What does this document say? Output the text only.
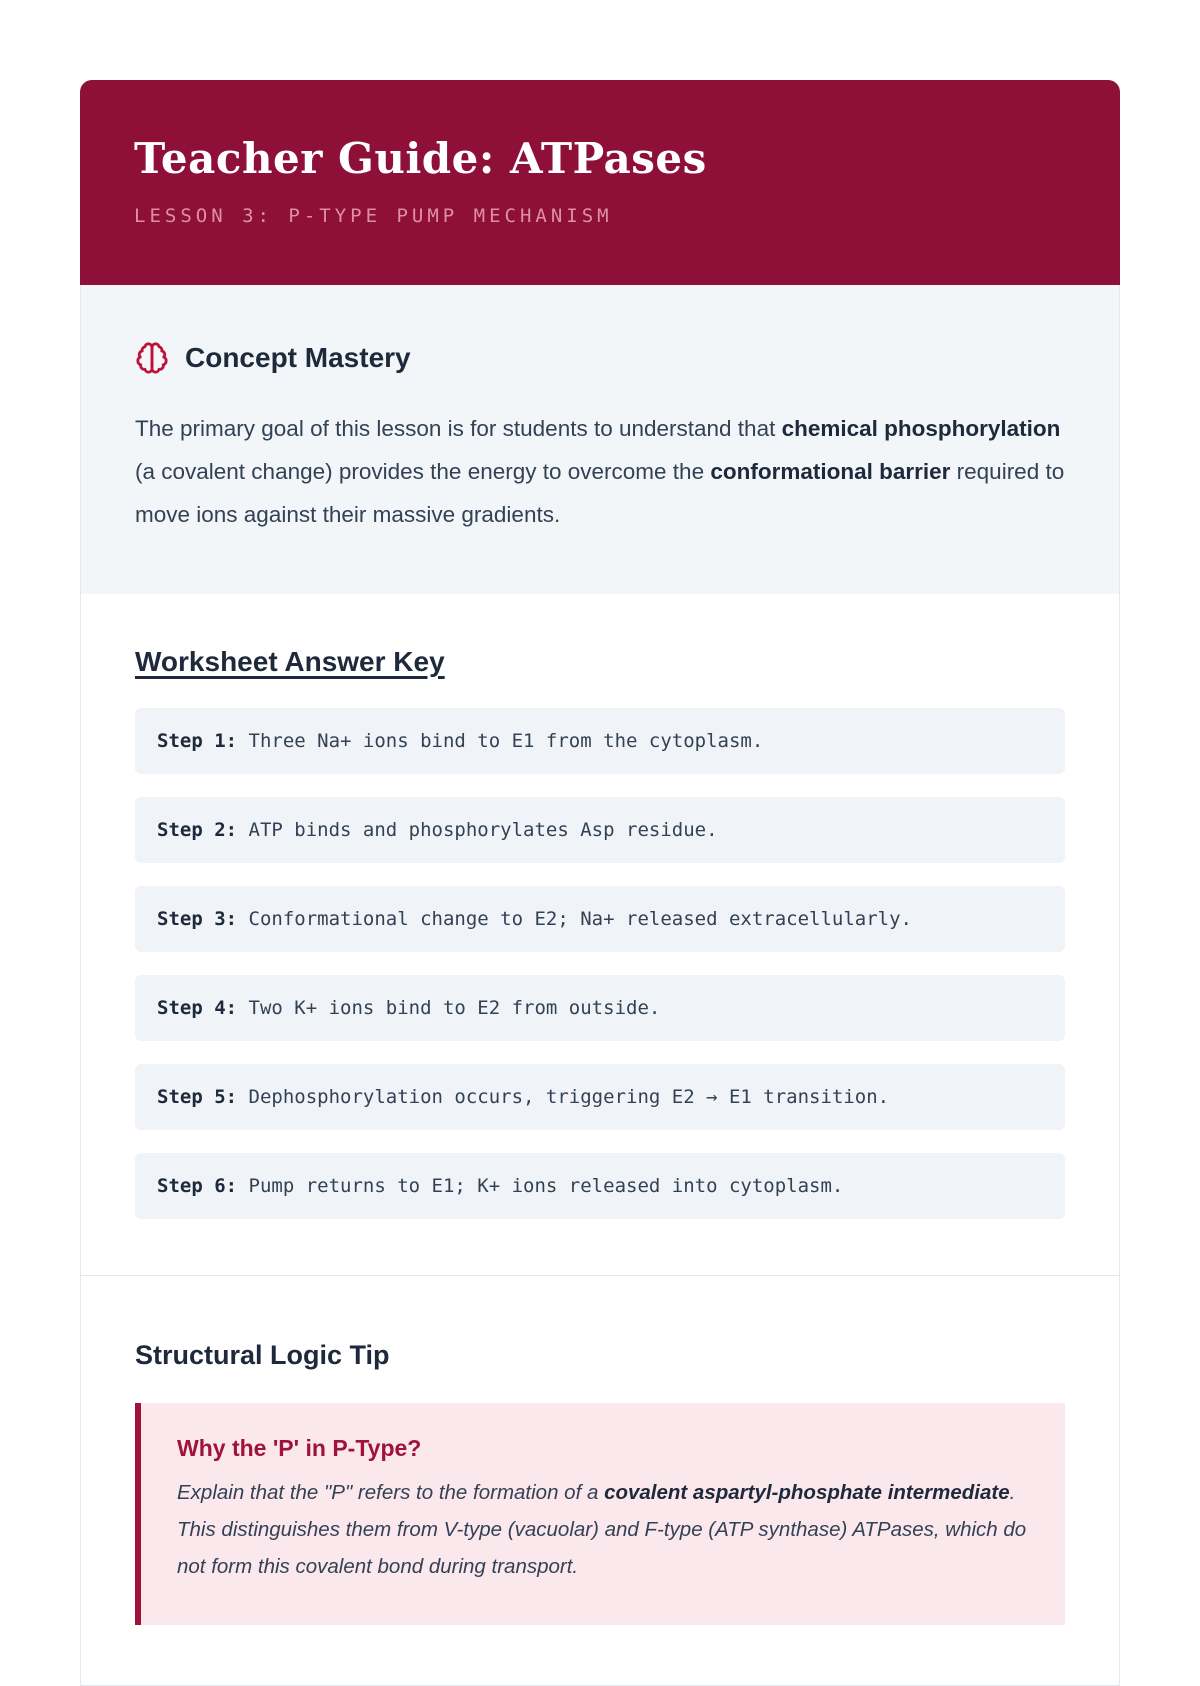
Teacher Guide: ATPases
LESSON 3: P-TYPE PUMP MECHANISM
Concept Mastery

The primary goal of this lesson is for students to understand that chemical phosphorylation (a covalent change) provides the energy to overcome the conformational barrier required to move ions against their massive gradients.

Worksheet Answer Key
Step 1: Three Na+ ions bind to E1 from the cytoplasm.
Step 2: ATP binds and phosphorylates Asp residue.
Step 3: Conformational change to E2; Na+ released extracellularly.
Step 4: Two K+ ions bind to E2 from outside.
Step 5: Dephosphorylation occurs, triggering E2 → E1 transition.
Step 6: Pump returns to E1; K+ ions released into cytoplasm.
Structural Logic Tip
Why the 'P' in P-Type?

Explain that the "P" refers to the formation of a covalent aspartyl-phosphate intermediate. This distinguishes them from V-type (vacuolar) and F-type (ATP synthase) ATPases, which do not form this covalent bond during transport.
